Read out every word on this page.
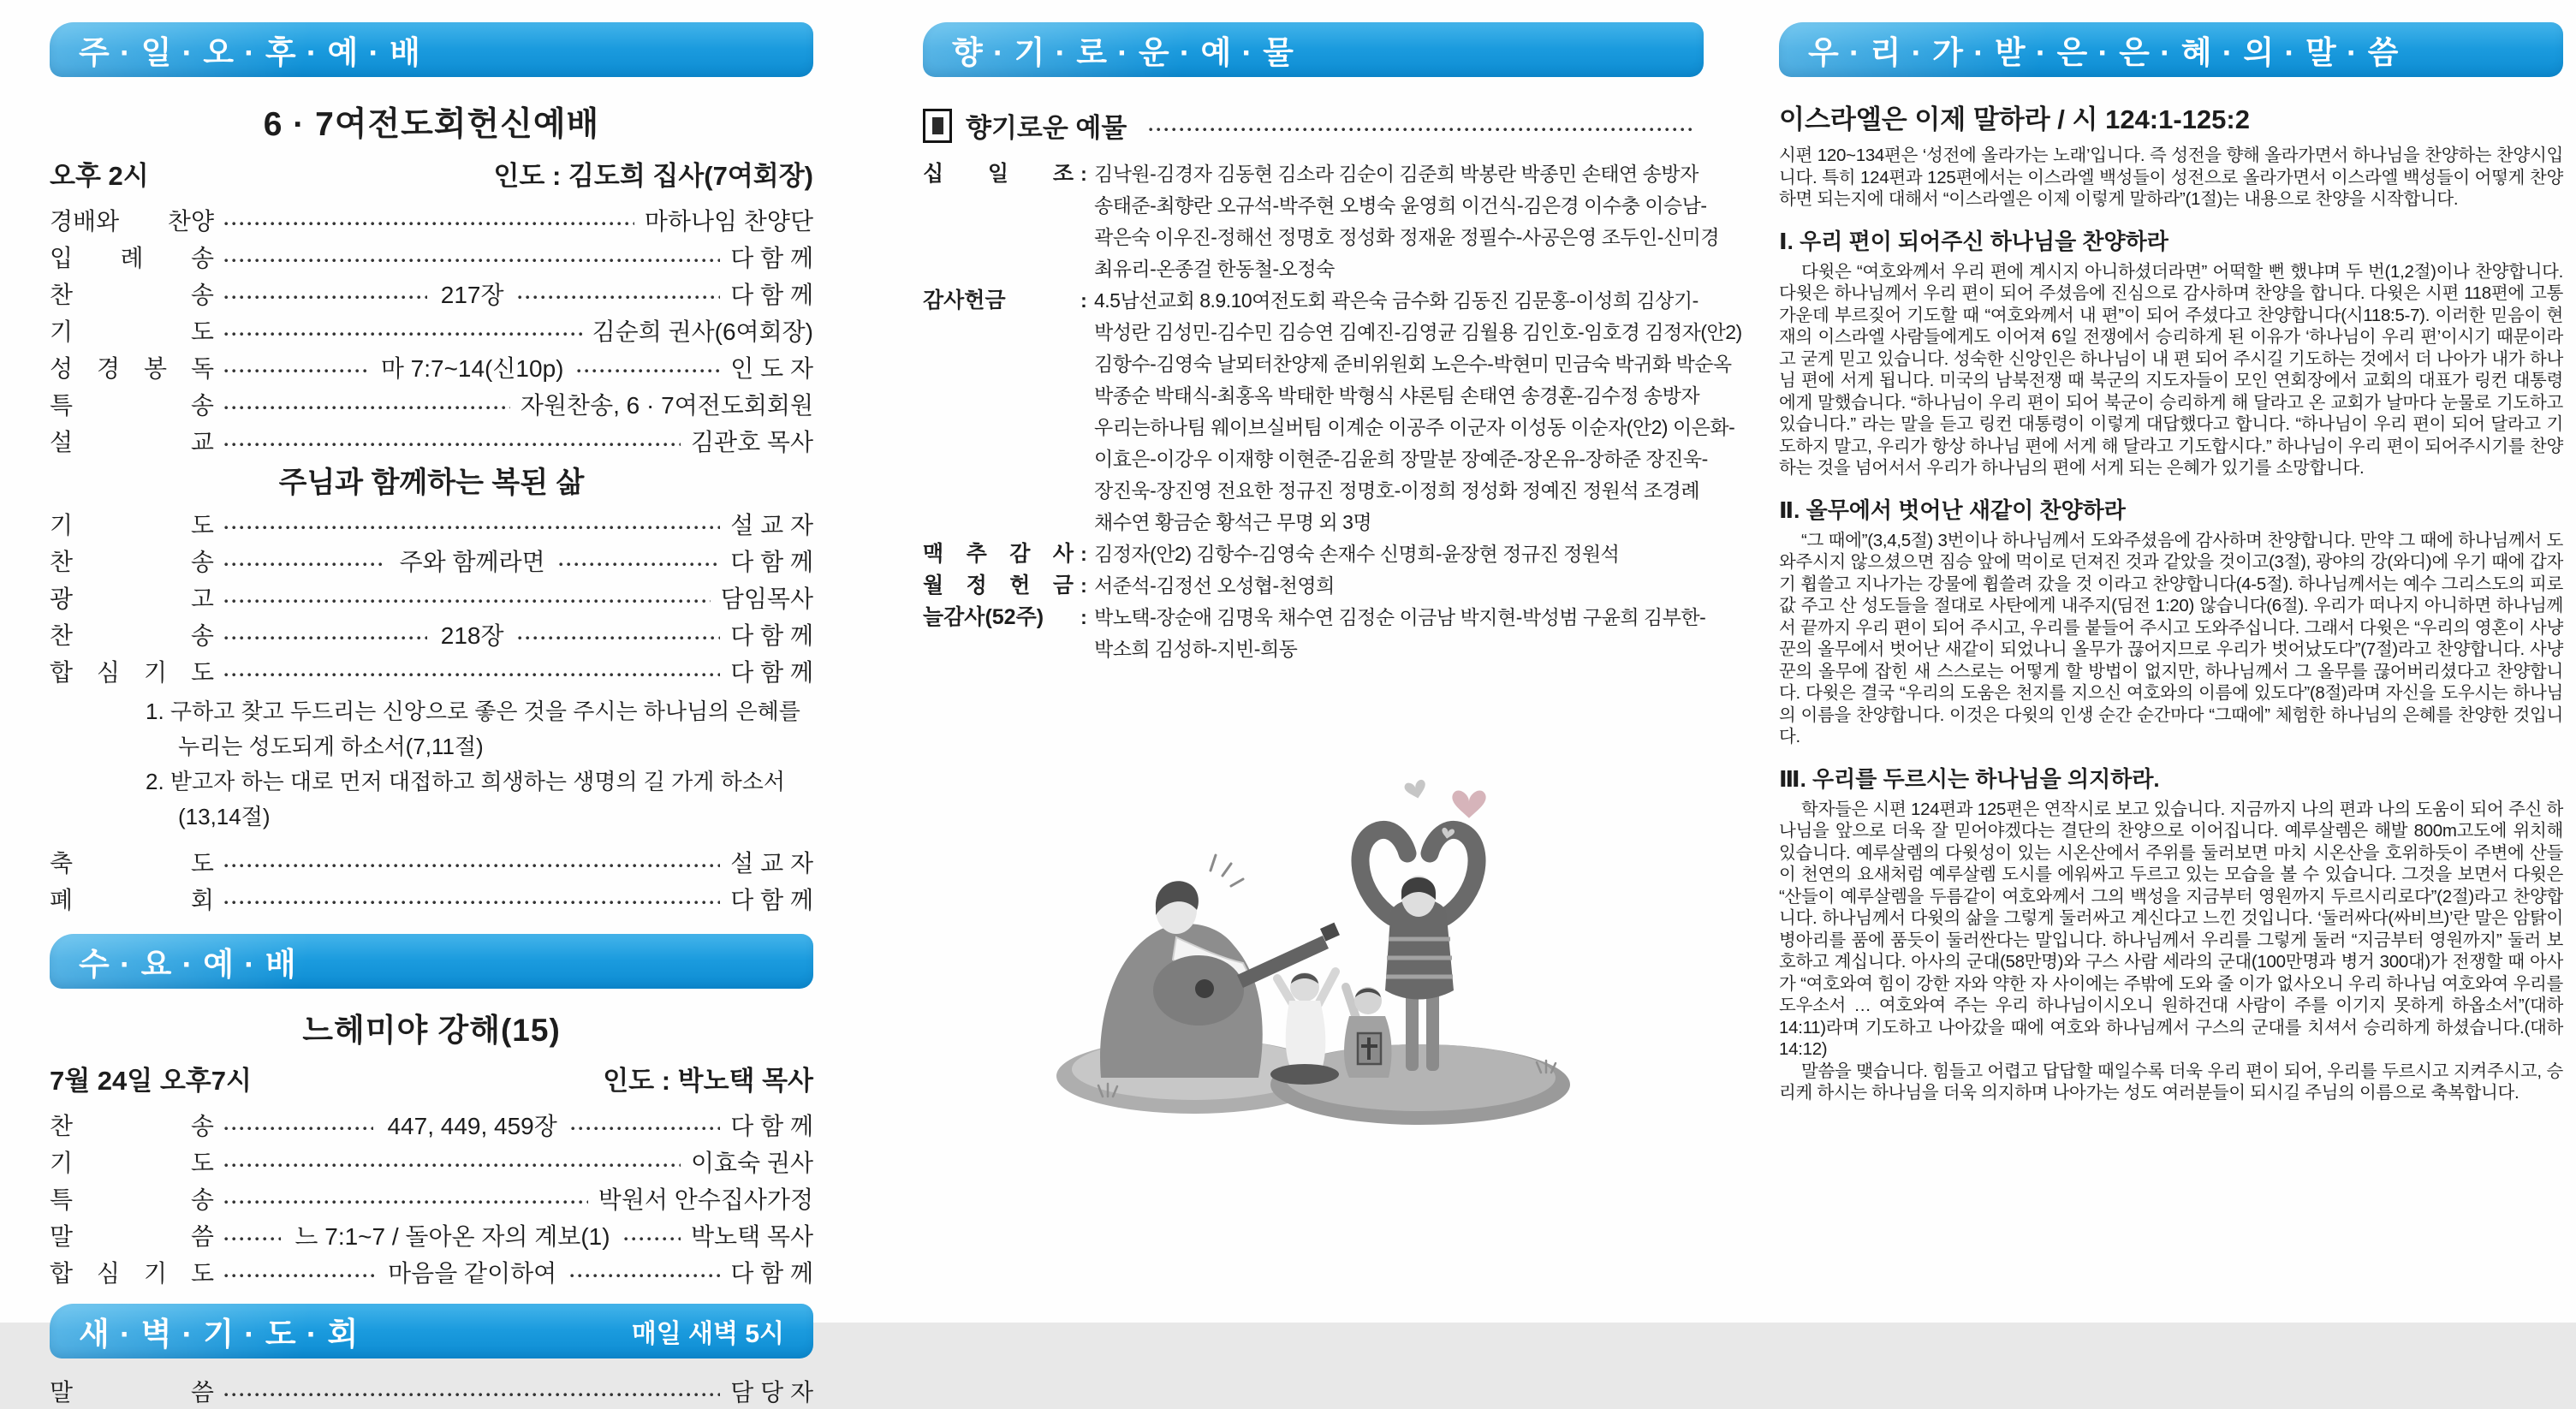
주 · 일 · 오 · 후 · 예 · 배
6 · 7여전도회헌신예배
오후 2시	인도 : 김도희 집사(7여회장)
경배와 찬양	마하나임 찬양단
입 례 송	다 함 께
찬 송	217장	다 함 께
기 도	김순희 권사(6여회장)
성 경 봉 독	마 7:7~14(신10p)	인 도 자
특 송	자원찬송, 6 · 7여전도회회원
설 교	김관호 목사
주님과 함께하는 복된 삶
기 도	설 교 자
찬 송	주와 함께라면	다 함 께
광 고	담임목사
찬 송	218장	다 함 께
합 심 기 도	다 함 께
1. 구하고 찾고 두드리는 신앙으로 좋은 것을 주시는 하나님의 은혜를 누리는 성도되게 하소서(7,11절)
2. 받고자 하는 대로 먼저 대접하고 희생하는 생명의 길 가게 하소서(13,14절)
축 도	설 교 자
폐 회	다 함 께
수 · 요 · 예 · 배
느헤미야 강해(15)
7월 24일 오후7시	인도 : 박노택 목사
찬 송	447, 449, 459장	다 함 께
기 도	이효숙 권사
특 송	박원서 안수집사가정
말 씀	느 7:1~7 / 돌아온 자의 계보(1)	박노택 목사
합 심 기 도	마음을 같이하여	다 함 께
새 · 벽 · 기 · 도 · 회	매일 새벽 5시
말 씀	담 당 자
향 · 기 · 로 · 운 · 예 · 물
향기로운 예물
십 일 조 : 김낙원-김경자 김동현 김소라 김순이 김준희 박봉란 박종민 손태연 송방자
송태준-최향란 오규석-박주현 오병숙 윤영희 이건식-김은경 이수충 이승남-
곽은숙 이우진-정해선 정명호 정성화 정재윤 정필수-사공은영 조두인-신미경
최유리-온종걸 한동철-오정숙
감사헌금	: 4.5남선교회 8.9.10여전도회 곽은숙 금수화 김동진 김문홍-이성희 김상기-
박성란 김성민-김수민 김승연 김예진-김영균 김월용 김인호-임호경 김정자(안2)
김항수-김영숙 날뫼터찬양제 준비위원회 노은수-박현미 민금숙 박귀화 박순옥
박종순 박태식-최홍옥 박태한 박형식 샤론팀 손태연 송경훈-김수정 송방자
우리는하나팀 웨이브실버팀 이계순 이공주 이군자 이성동 이순자(안2) 이은화-
이효은-이강우 이재향 이현준-김윤희 장말분 장예준-장온유-장하준 장진욱-
장진욱-장진영 전요한 정규진 정명호-이정희 정성화 정예진 정원석 조경례
채수연 황금순 황석근 무명 외 3명
맥 추 감 사 : 김정자(안2) 김항수-김영숙 손재수 신명희-윤장현 정규진 정원석
월 정 헌 금 : 서준석-김정선 오성협-천영희
늘감사(52주)	: 박노택-장순애 김명욱 채수연 김정순 이금남 박지현-박성범 구윤희 김부한-
박소희 김성하-지빈-희동
우 · 리 · 가 · 받 · 은 · 은 · 혜 · 의 · 말 · 씀
이스라엘은 이제 말하라 / 시 124:1-125:2
시편 120~134편은 ‘성전에 올라가는 노래’입니다. 즉 성전을 향해 올라가면서 하나님을 찬양하는 찬양시입니다. 특히 124편과 125편에서는 이스라엘 백성들이 성전으로 올라가면서 이스라엘 백성들이 어떻게 찬양하면 되는지에 대해서 “이스라엘은 이제 이렇게 말하라”(1절)는 내용으로 찬양을 시작합니다.
Ⅰ. 우리 편이 되어주신 하나님을 찬양하라
다윗은 “여호와께서 우리 편에 계시지 아니하셨더라면” 어떡할 뻔 했냐며 두 번(1,2절)이나 찬양합니다. 다윗은 하나님께서 우리 편이 되어 주셨음에 진심으로 감사하며 찬양을 합니다. 다윗은 시편 118편에 고통 가운데 부르짖어 기도할 때 “여호와께서 내 편”이 되어 주셨다고 찬양합니다(시118:5-7). 이러한 믿음이 현재의 이스라엘 사람들에게도 이어져 6일 전쟁에서 승리하게 된 이유가 ‘하나님이 우리 편’이시기 때문이라고 굳게 믿고 있습니다. 성숙한 신앙인은 하나님이 내 편 되어 주시길 기도하는 것에서 더 나아가 내가 하나님 편에 서게 됩니다. 미국의 남북전쟁 때 북군의 지도자들이 모인 연회장에서 교회의 대표가 링컨 대통령에게 말했습니다. “하나님이 우리 편이 되어 북군이 승리하게 해 달라고 온 교회가 날마다 눈물로 기도하고 있습니다.” 라는 말을 듣고 링컨 대통령이 이렇게 대답했다고 합니다. “하나님이 우리 편이 되어 달라고 기도하지 말고, 우리가 항상 하나님 편에 서게 해 달라고 기도합시다.” 하나님이 우리 편이 되어주시기를 찬양하는 것을 넘어서서 우리가 하나님의 편에 서게 되는 은혜가 있기를 소망합니다.
Ⅱ. 올무에서 벗어난 새같이 찬양하라
“그 때에”(3,4,5절) 3번이나 하나님께서 도와주셨음에 감사하며 찬양합니다. 만약 그 때에 하나님께서 도와주시지 않으셨으면 짐승 앞에 먹이로 던져진 것과 같았을 것이고(3절), 광야의 강(와디)에 우기 때에 갑자기 휩쓸고 지나가는 강물에 휩쓸려 갔을 것 이라고 찬양합니다(4-5절). 하나님께서는 예수 그리스도의 피로 값 주고 산 성도들을 절대로 사탄에게 내주지(딤전 1:20) 않습니다(6절). 우리가 떠나지 아니하면 하나님께서 끝까지 우리 편이 되어 주시고, 우리를 붙들어 주시고 도와주십니다. 그래서 다윗은 “우리의 영혼이 사냥꾼의 올무에서 벗어난 새같이 되었나니 올무가 끊어지므로 우리가 벗어났도다”(7절)라고 찬양합니다. 사냥꾼의 올무에 잡힌 새 스스로는 어떻게 할 방법이 없지만, 하나님께서 그 올무를 끊어버리셨다고 찬양합니다. 다윗은 결국 “우리의 도움은 천지를 지으신 여호와의 이름에 있도다”(8절)라며 자신을 도우시는 하나님의 이름을 찬양합니다. 이것은 다윗의 인생 순간 순간마다 “그때에” 체험한 하나님의 은혜를 찬양한 것입니다.
Ⅲ. 우리를 두르시는 하나님을 의지하라.
학자들은 시편 124편과 125편은 연작시로 보고 있습니다. 지금까지 나의 편과 나의 도움이 되어 주신 하나님을 앞으로 더욱 잘 믿어야겠다는 결단의 찬양으로 이어집니다. 예루살렘은 해발 800m고도에 위치해 있습니다. 예루살렘의 다윗성이 있는 시온산에서 주위를 둘러보면 마치 시온산을 호위하듯이 주변에 산들이 천연의 요새처럼 예루살렘 도시를 에워싸고 두르고 있는 모습을 볼 수 있습니다. 그것을 보면서 다윗은 “산들이 예루살렘을 두름같이 여호와께서 그의 백성을 지금부터 영원까지 두르시리로다”(2절)라고 찬양합니다. 하나님께서 다윗의 삶을 그렇게 둘러싸고 계신다고 느낀 것입니다. ‘둘러싸다(싸비브)’란 말은 암탉이 병아리를 품에 품듯이 둘러싼다는 말입니다. 하나님께서 우리를 그렇게 둘러 “지금부터 영원까지” 둘러 보호하고 계십니다. 아사의 군대(58만명)와 구스 사람 세라의 군대(100만명과 병거 300대)가 전쟁할 때 아사가 “여호와여 힘이 강한 자와 약한 자 사이에는 주밖에 도와 줄 이가 없사오니 우리 하나님 여호와여 우리를 도우소서 … 여호와여 주는 우리 하나님이시오니 원하건대 사람이 주를 이기지 못하게 하옵소서”(대하14:11)라며 기도하고 나아갔을 때에 여호와 하나님께서 구스의 군대를 치셔서 승리하게 하셨습니다.(대하14:12)
말씀을 맺습니다. 힘들고 어렵고 답답할 때일수록 더욱 우리 편이 되어, 우리를 두르시고 지켜주시고, 승리케 하시는 하나님을 더욱 의지하며 나아가는 성도 여러분들이 되시길 주님의 이름으로 축복합니다.
